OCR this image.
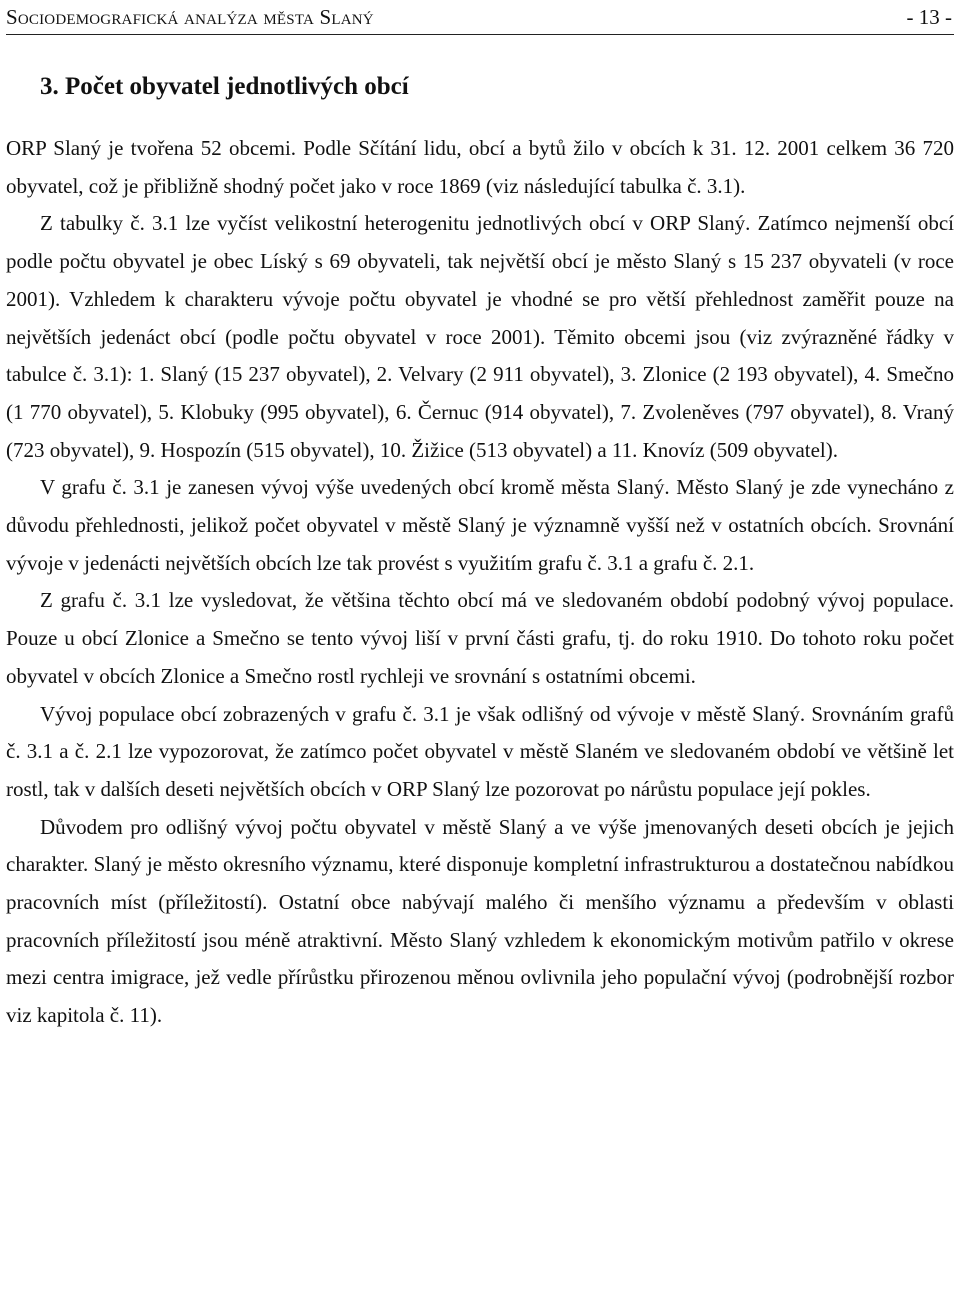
Sociodemografická analýza města Slaný	- 13 -
3. Počet obyvatel jednotlivých obcí

ORP Slaný je tvořena 52 obcemi. Podle Sčítání lidu, obcí a bytů žilo v obcích k 31. 12. 2001 celkem 36 720 obyvatel, což je přibližně shodný počet jako v roce 1869 (viz následující tabulka č. 3.1).

Z tabulky č. 3.1 lze vyčíst velikostní heterogenitu jednotlivých obcí v ORP Slaný. Zatímco nejmenší obcí podle počtu obyvatel je obec Líský s 69 obyvateli, tak největší obcí je město Slaný s 15 237 obyvateli (v roce 2001). Vzhledem k charakteru vývoje počtu obyvatel je vhodné se pro větší přehlednost zaměřit pouze na největších jedenáct obcí (podle počtu obyvatel v roce 2001). Těmito obcemi jsou (viz zvýrazněné řádky v tabulce č. 3.1): 1. Slaný (15 237 obyvatel), 2. Velvary (2 911 obyvatel), 3. Zlonice (2 193 obyvatel), 4. Smečno (1 770 obyvatel), 5. Klobuky (995 obyvatel), 6. Černuc (914 obyvatel), 7. Zvoleněves (797 obyvatel), 8. Vraný (723 obyvatel), 9. Hospozín (515 obyvatel), 10. Žižice (513 obyvatel) a 11. Knovíz (509 obyvatel).

V grafu č. 3.1 je zanesen vývoj výše uvedených obcí kromě města Slaný. Město Slaný je zde vynecháno z důvodu přehlednosti, jelikož počet obyvatel v městě Slaný je významně vyšší než v ostatních obcích. Srovnání vývoje v jedenácti největších obcích lze tak provést s využitím grafu č. 3.1 a grafu č. 2.1.

Z grafu č. 3.1 lze vysledovat, že většina těchto obcí má ve sledovaném období podobný vývoj populace. Pouze u obcí Zlonice a Smečno se tento vývoj liší v první části grafu, tj. do roku 1910. Do tohoto roku počet obyvatel v obcích Zlonice a Smečno rostl rychleji ve srovnání s ostatními obcemi.

Vývoj populace obcí zobrazených v grafu č. 3.1 je však odlišný od vývoje v městě Slaný. Srovnáním grafů č. 3.1 a č. 2.1 lze vypozorovat, že zatímco počet obyvatel v městě Slaném ve sledovaném období ve většině let rostl, tak v dalších deseti největších obcích v ORP Slaný lze pozorovat po nárůstu populace její pokles.

Důvodem pro odlišný vývoj počtu obyvatel v městě Slaný a ve výše jmenovaných deseti obcích je jejich charakter. Slaný je město okresního významu, které disponuje kompletní infrastrukturou a dostatečnou nabídkou pracovních míst (příležitostí). Ostatní obce nabývají malého či menšího významu a především v oblasti pracovních příležitostí jsou méně atraktivní. Město Slaný vzhledem k ekonomickým motivům patřilo v okrese mezi centra imigrace, jež vedle přírůstku přirozenou měnou ovlivnila jeho populační vývoj (podrobnější rozbor viz kapitola č. 11).
